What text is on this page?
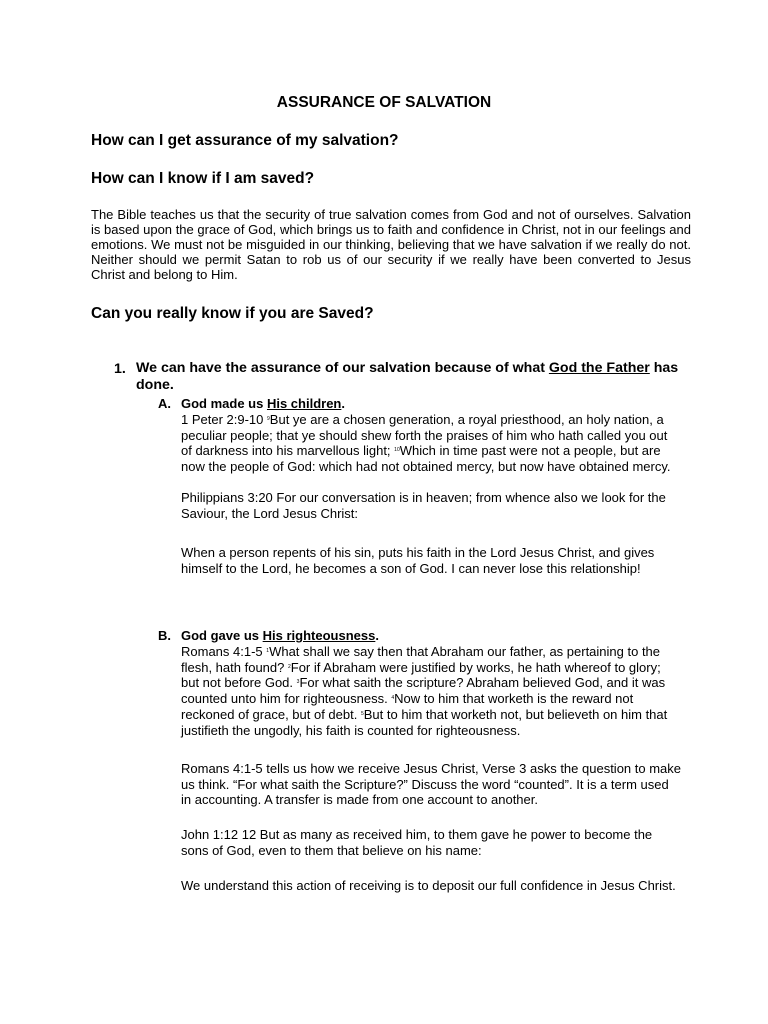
ASSURANCE OF SALVATION
How can I get assurance of my salvation?
How can I know if I am saved?
The Bible teaches us that the security of true salvation comes from God and not of ourselves. Salvation is based upon the grace of God, which brings us to faith and confidence in Christ, not in our feelings and emotions. We must not be misguided in our thinking, believing that we have salvation if we really do not. Neither should we permit Satan to rob us of our security if we really have been converted to Jesus Christ and belong to Him.
Can you really know if you are Saved?
1. We can have the assurance of our salvation because of what God the Father has done.
A. God made us His children.
1 Peter 2:9-10 $^9$But ye are a chosen generation, a royal priesthood, an holy nation, a peculiar people; that ye should shew forth the praises of him who hath called you out of darkness into his marvellous light; $^{10}$Which in time past were not a people, but are now the people of God: which had not obtained mercy, but now have obtained mercy.
Philippians 3:20 For our conversation is in heaven; from whence also we look for the Saviour, the Lord Jesus Christ:
When a person repents of his sin, puts his faith in the Lord Jesus Christ, and gives himself to the Lord, he becomes a son of God. I can never lose this relationship!
B. God gave us His righteousness.
Romans 4:1-5 $^1$What shall we say then that Abraham our father, as pertaining to the flesh, hath found? $^2$For if Abraham were justified by works, he hath whereof to glory; but not before God. $^3$For what saith the scripture? Abraham believed God, and it was counted unto him for righteousness. $^4$Now to him that worketh is the reward not reckoned of grace, but of debt. $^5$But to him that worketh not, but believeth on him that justifieth the ungodly, his faith is counted for righteousness.
Romans 4:1-5 tells us how we receive Jesus Christ, Verse 3 asks the question to make us think. “For what saith the Scripture?” Discuss the word “counted”. It is a term used in accounting. A transfer is made from one account to another.
John 1:12 12 But as many as received him, to them gave he power to become the sons of God, even to them that believe on his name:
We understand this action of receiving is to deposit our full confidence in Jesus Christ.
